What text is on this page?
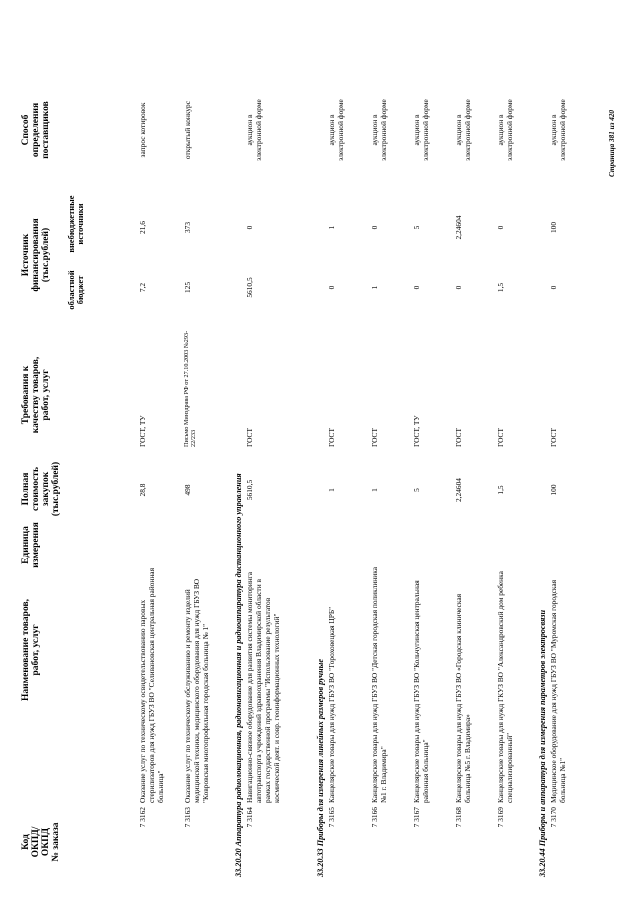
Код ОКПД/ ОКПД № заказа
Наименование товаров, работ, услуг
Единица измерения
Полная стоимость закупок (тыс.рублей)
Требования к качеству товаров, работ, услуг
Источник финансирования (тыс.рублей)
областной
бюджет
внебюджетные
источники
Способ определения поставщиков
7 3162
Оказание услуг по техническому освидетельствованию паровых стерилизаторов для нужд ГБУЗ ВО "Селивановская центральная районная больница"
28,8
ГОСТ, ТУ
7,2
21,6
запрос котировок
7 3163
Оказание услуг по техническому обслуживанию и ремонту изделий медицинской техники, медицинского оборудования для нужд ГБУЗ ВО "Ковровская многопрофильная городская больница № 1"
498
Письмо Минздрава РФ от 27.10.2003 №293-22/233
125
373
открытый конкурс
33.20.20 Аппаратура радиолокационная, радионавигационная и радиоаппаратура дистанционного управления 7 3164
Навигационно-связное оборудование для развития системы мониторинга автотранспорта учреждений здравоохранения Владимирской области в рамках государственной программы "Использование результатов космической деят. и совр. геоинформационных технологий"
5610,5
ГОСТ
5610,5
0
аукцион в электронной форме
33.20.33 Приборы для измерения линейных размеров ручные 7 3165
Канцелярские товары для нужд ГБУЗ ВО "Гороховецкая ЦРБ"
1
ГОСТ
0
1
аукцион в электронной форме
7 3166
Канцелярские товары для нужд ГБУЗ ВО "Детская городская поликлиника №1 г. Владимира"
1
ГОСТ
1
0
аукцион в электронной форме
7 3167
Канцелярские товары для нужд ГБУЗ ВО "Кольчугинская центральная районная больница"
5
ГОСТ, ТУ
0
5
аукцион в электронной форме
7 3168
Канцелярские товары для нужд ГБУЗ ВО «Городская клиническая больница №5 г. Владимира»
2,24604
ГОСТ
0
2,24604
аукцион в электронной форме
7 3169
Канцелярские товары для нужд ГКУЗ ВО "Александровский дом ребенка специализированный"
1,5
ГОСТ
1,5
0
аукцион в электронной форме
33.20.44 Приборы и аппаратура для измерения параметров электросвязи 7 3170
Медицинское оборудование для нужд ГБУЗ ВО "Муромская городская больница №1"
100
ГОСТ
0
100
аукцион в электронной форме	Страница 381 из 420
